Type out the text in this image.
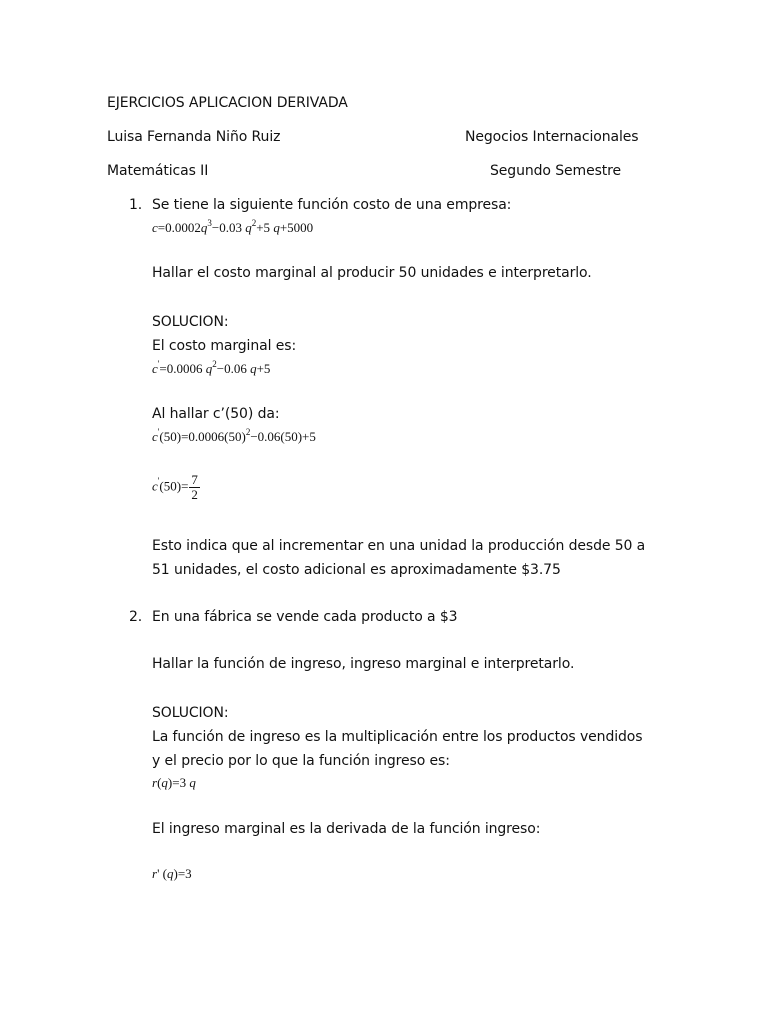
EJERCICIOS APLICACION DERIVADA
Luisa Fernanda Niño Ruiz	Negocios Internacionales
Matemáticas II	Segundo Semestre
1. Se tiene la siguiente función costo de una empresa:
$c=0.0002q^3-0.03$ $q^2+5$ q+5000
Hallar el costo marginal al producir 50 unidades e interpretarlo.
SOLUCION:
El costo marginal es:
c'=0.0006 $q^2-0.06$ q+5
Al hallar c’(50) da:
$c'(50)=0.0006(50)^2-0.06(50)+5$
$c'(50)= \frac{7}{2}$
Esto indica que al incrementar en una unidad la producción desde 50 a
51 unidades, el costo adicional es aproximadamente $3.75
2. En una fábrica se vende cada producto a $3
Hallar la función de ingreso, ingreso marginal e interpretarlo.
SOLUCION:
La función de ingreso es la multiplicación entre los productos vendidos
y el precio por lo que la función ingreso es:
r(q)=3 q
El ingreso marginal es la derivada de la función ingreso:
r' (q)=3
